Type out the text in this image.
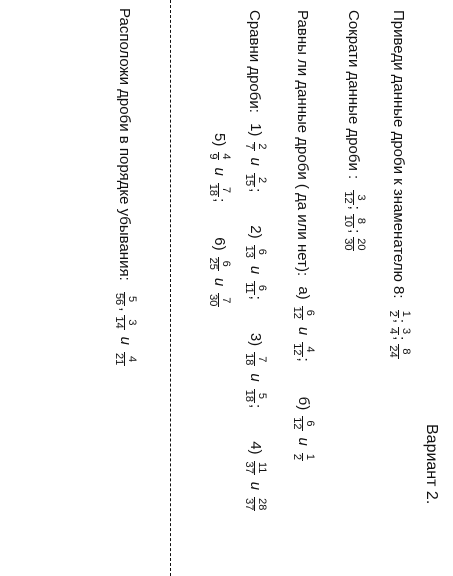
Вариант 2.
Приведи данные дроби к знаменателю 8:
1
2
;
3
4
;
8
24
Сократи данные дроби :
3
12
;
8
10
;
20
30
Равны ли данные дроби ( да или нет): а)
6
12
и
4
12
;б)
6
12
и
1
2
Сравни дроби: 1)
2
7
и
2
15
;2)
6
13
и
6
11
;3)
7
18
и
5
18
;4)
11
37
и
28
37
5)
4
9
и
7
18
;6)
6
25
и
7
30
Расположи дроби в порядке убывания:
5
56
,
3
14
и
4
21
